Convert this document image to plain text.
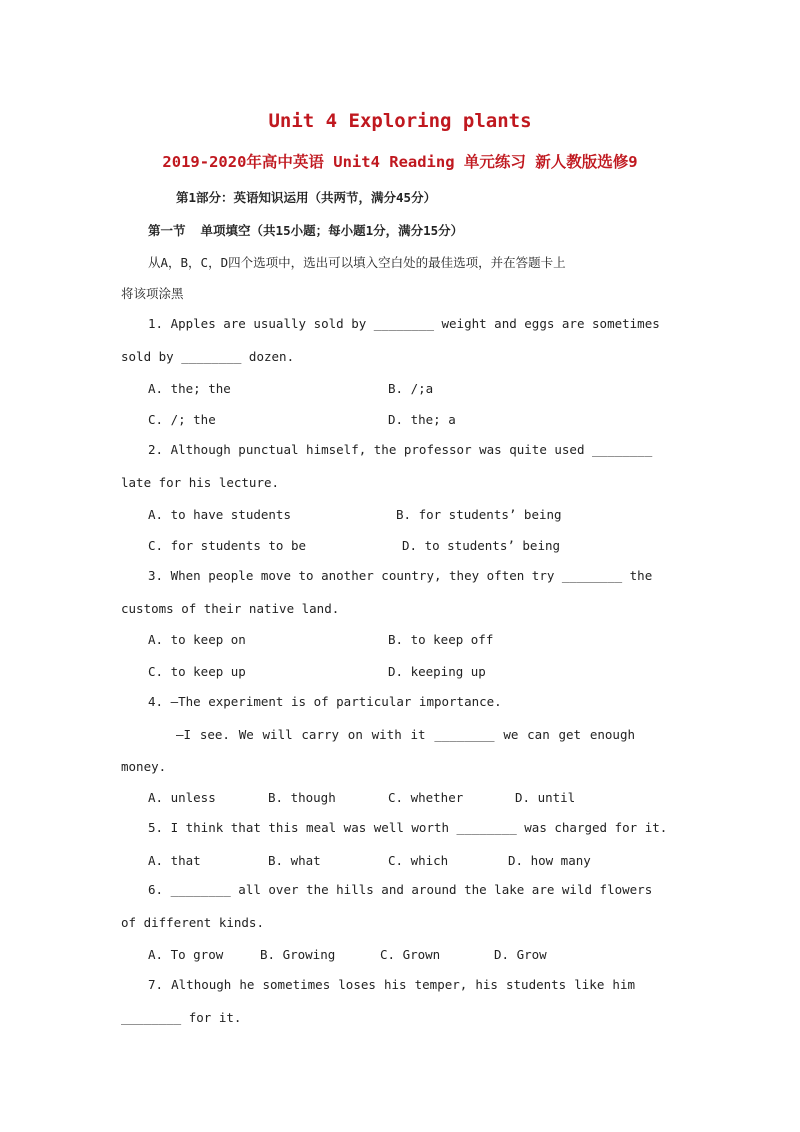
Unit 4 Exploring plants
2019-2020年高中英语 Unit4 Reading 单元练习 新人教版选修9
第1部分：英语知识运用（共两节，满分45分）
第一节  单项填空（共15小题；每小题1分，满分15分）
从A，B，C，D四个选项中，选出可以填入空白处的最佳选项，并在答题卡上
将该项涂黑
1. Apples are usually sold by ________ weight and eggs are sometimes
sold by ________ dozen.
A. the; the	B. /;a
C. /; the	D. the; a
2. Although punctual himself, the professor was quite used ________
late for his lecture.
A. to have students	B. for students’ being
C. for students to be	D. to students’ being
3. When people move to another country, they often try ________ the
customs of their native land.
A. to keep on	B. to keep off
C. to keep up	D. keeping up
4. —The experiment is of particular importance.
—I see. We will carry on with it ________ we can get enough
money.
A. unless	B. though	C. whether	D. until
5. I think that this meal was well worth ________ was charged for it.
A. that	B. what	C. which	D. how many
6. ________ all over the hills and around the lake are wild flowers
of different kinds.
A. To grow	B. Growing	C. Grown	D. Grow
7. Although he sometimes loses his temper, his students like him
________ for it.
